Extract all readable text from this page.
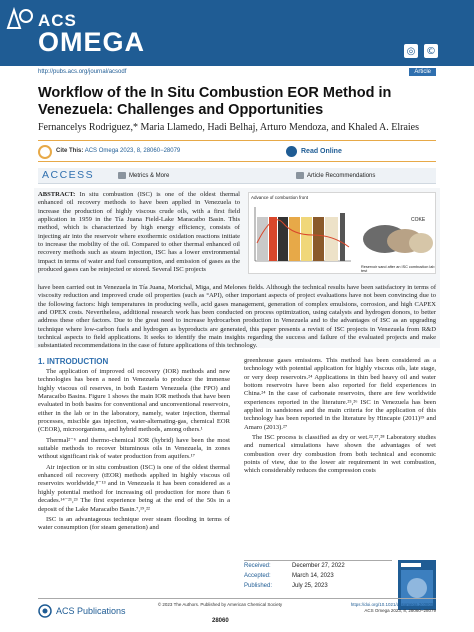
ACS
OMEGA	◎ ©
http://pubs.acs.org/journal/acsodf	Article
Workflow of the In Situ Combustion EOR Method in Venezuela: Challenges and Opportunities
Fernancelys Rodriguez,* Maria Llamedo, Hadi Belhaj, Arturo Mendoza, and Khaled A. Elraies
Cite This: ACS Omega 2023, 8, 28060−28079	Read Online
ACCESS	Metrics & More	Article Recommendations
ABSTRACT: In situ combustion (ISC) is one of the oldest thermal enhanced oil recovery methods to have been applied in Venezuela to increase the production of highly viscous crude oils, with a first field application in 1959 in the Tía Juana Field-Lake Maracaibo Basin. This method, which is characterized by high energy efficiency, consists of injecting air into the reservoir where exothermic oxidation reactions initiate to increase the mobility of the oil. Compared to other thermal enhanced oil recovery methods such as steam injection, ISC has a lower environmental impact in terms of water and fuel consumption, and emission of gases as the produced gases can be reinjected or stored. Several ISC projects
Advance of combustion front
COKE
Reservoir sand after an ISC combustion lab test
have been carried out in Venezuela in Tía Juana, Morichal, Miga, and Melones fields. Although the technical results have been satisfactory in terms of viscosity reduction and improved crude oil properties (such as °API), other important aspects of project evaluations have not been convincing due to the following factors: high temperatures in producing wells, acid gases management, generation of complex emulsions, corrosion, and high CAPEX and OPEX costs. Nevertheless, additional research work has been conducted on process optimization, using catalysts and hydrogen donors, to better address these other factors. Due to the great need to increase hydrocarbon production in Venezuela and to the advantages of ISC as an upgrading technique where low-carbon fuels and hydrogen as byproducts are generated, this paper presents a revisit of ISC projects in Venezuela from R&D technical aspects to field applications. It seeks to identify the main insights regarding the success and failure of the evaluated projects and make substantiated recommendations in the case of future applications of this technology.
1. INTRODUCTION

The application of improved oil recovery (IOR) methods and new technologies has been a need in Venezuela to produce the immense highly viscous oil reserves, in both Eastern Venezuela (the FPO) and Maracaibo Basins. Figure 1 shows the main IOR methods that have been evaluated in both basins for conventional and unconventional reservoirs, either in the lab or in the laboratory, namely, water injection, thermal processes, miscible gas injection, water-alternating-gas, chemical EOR (CEOR), microorganisms, and hybrid methods, among others.¹

Thermal²⁻⁶ and thermo-chemical IOR (hybrid) have been the most suitable methods to recover bituminous oils in Venezuela, in zones without significant risk of water production from aquifers.¹⁷

Air injection or in situ combustion (ISC) is one of the oldest thermal enhanced oil recovery (tEOR) methods applied in highly viscous oil reservoirs worldwide,⁸⁻¹³ and in Venezuela it has been considered as a highly potential method for increasing oil production for more than 6 decades.¹⁴⁻²¹,²³ The first experience being at the end of the 50s in a deposit of the Lake Maracaibo Basin.⁷,¹⁹,²²

ISC is an advantageous technique over steam flooding in terms of water consumption (for steam generation) and

greenhouse gases emissions. This method has been considered as a technology with potential application for highly viscous oils, late stage, or very deep reservoirs.²⁴ Applications in thin bed heavy oil and water bottom reservoirs have been also reported for field experiences in China.²⁴ In the case of carbonate reservoirs, there are few worldwide experiences reported in the literature.²⁵,²⁶ ISC in Venezuela has been applied in sandstones and the main criteria for the application of this technology has been reported in the literature by Hincapie (2011)¹⁹ and Amaro (2013).²⁷

The ISC process is classified as dry or wet.²²,²⁷,²⁸ Laboratory studies and numerical simulations have shown the advantages of wet combustion over dry combustion from both technical and economic points of view, due to the lower air requirement in wet combustion, which considerably reduces the compression costs

Received:	December 27, 2022
Accepted:	March 14, 2023
Published:	July 25, 2023
ACS Publications
© 2023 The Authors. Published by American Chemical Society
28060
https://doi.org/10.1021/acsomega.2c08059
ACS Omega 2023, 8, 28060−28079
